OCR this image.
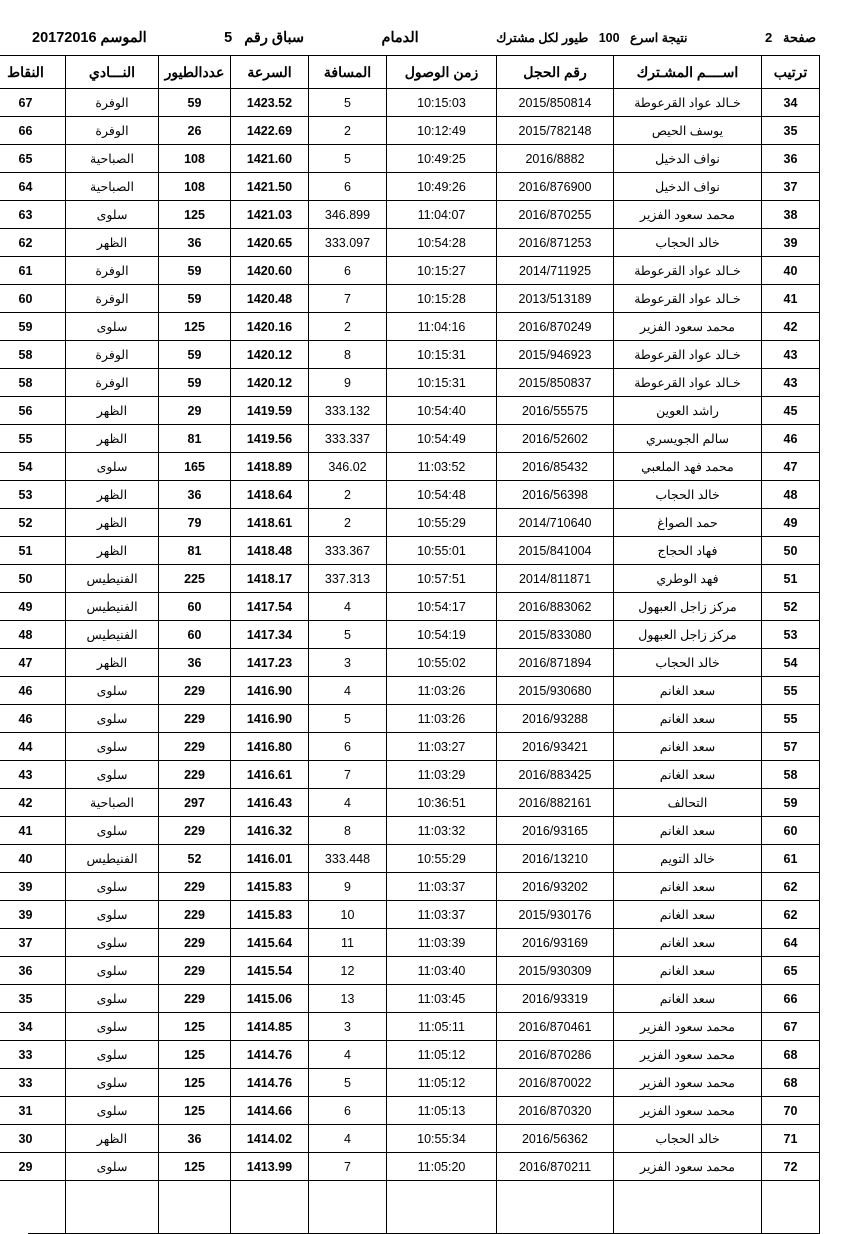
الموسم 20172016	سباق رقم   5	الدمام	نتيجة اسرع   100   طيور لكل مشترك	صفحة   2
ترتيب	اســــم المشـترك	رقم الحجل	زمن الوصول	المسافة	السرعة	عددالطيور	النـــادي	النقاط
34	خـالد عواد القرعوطة	2015/850814	10:15:03	5	1423.52	59	الوفرة	67
35	يوسف الحيص	2015/782148	10:12:49	2	1422.69	26	الوفرة	66
36	نواف الدخيل	2016/8882	10:49:25	5	1421.60	108	الصباحية	65
37	نواف الدخيل	2016/876900	10:49:26	6	1421.50	108	الصباحية	64
38	محمد سعود الفزير	2016/870255	11:04:07	346.899	1421.03	125	سلوى	63
39	خالد الحجاب	2016/871253	10:54:28	333.097	1420.65	36	الظهر	62
40	خـالد عواد القرعوطة	2014/711925	10:15:27	6	1420.60	59	الوفرة	61
41	خـالد عواد القرعوطة	2013/513189	10:15:28	7	1420.48	59	الوفرة	60
42	محمد سعود الفزير	2016/870249	11:04:16	2	1420.16	125	سلوى	59
43	خـالد عواد القرعوطة	2015/946923	10:15:31	8	1420.12	59	الوفرة	58
43	خـالد عواد القرعوطة	2015/850837	10:15:31	9	1420.12	59	الوفرة	58
45	راشد العوين	2016/55575	10:54:40	333.132	1419.59	29	الظهر	56
46	سالم الجويسري	2016/52602	10:54:49	333.337	1419.56	81	الظهر	55
47	محمد فهد الملعبي	2016/85432	11:03:52	346.02	1418.89	165	سلوى	54
48	خالد الحجاب	2016/56398	10:54:48	2	1418.64	36	الظهر	53
49	حمد الصواغ	2014/710640	10:55:29	2	1418.61	79	الظهر	52
50	فهاد الحجاج	2015/841004	10:55:01	333.367	1418.48	81	الظهر	51
51	فهد الوطري	2014/811871	10:57:51	337.313	1418.17	225	الفنيطيس	50
52	مركز زاجل العبهول	2016/883062	10:54:17	4	1417.54	60	الفنيطيس	49
53	مركز زاجل العبهول	2015/833080	10:54:19	5	1417.34	60	الفنيطيس	48
54	خالد الحجاب	2016/871894	10:55:02	3	1417.23	36	الظهر	47
55	سعد الغانم	2015/930680	11:03:26	4	1416.90	229	سلوى	46
55	سعد الغانم	2016/93288	11:03:26	5	1416.90	229	سلوى	46
57	سعد الغانم	2016/93421	11:03:27	6	1416.80	229	سلوى	44
58	سعد الغانم	2016/883425	11:03:29	7	1416.61	229	سلوى	43
59	التحالف	2016/882161	10:36:51	4	1416.43	297	الصباحية	42
60	سعد الغانم	2016/93165	11:03:32	8	1416.32	229	سلوى	41
61	خالد التويم	2016/13210	10:55:29	333.448	1416.01	52	الفنيطيس	40
62	سعد الغانم	2016/93202	11:03:37	9	1415.83	229	سلوى	39
62	سعد الغانم	2015/930176	11:03:37	10	1415.83	229	سلوى	39
64	سعد الغانم	2016/93169	11:03:39	11	1415.64	229	سلوى	37
65	سعد الغانم	2015/930309	11:03:40	12	1415.54	229	سلوى	36
66	سعد الغانم	2016/93319	11:03:45	13	1415.06	229	سلوى	35
67	محمد سعود الفزير	2016/870461	11:05:11	3	1414.85	125	سلوى	34
68	محمد سعود الفزير	2016/870286	11:05:12	4	1414.76	125	سلوى	33
68	محمد سعود الفزير	2016/870022	11:05:12	5	1414.76	125	سلوى	33
70	محمد سعود الفزير	2016/870320	11:05:13	6	1414.66	125	سلوى	31
71	خالد الحجاب	2016/56362	10:55:34	4	1414.02	36	الظهر	30
72	محمد سعود الفزير	2016/870211	11:05:20	7	1413.99	125	سلوى	29
